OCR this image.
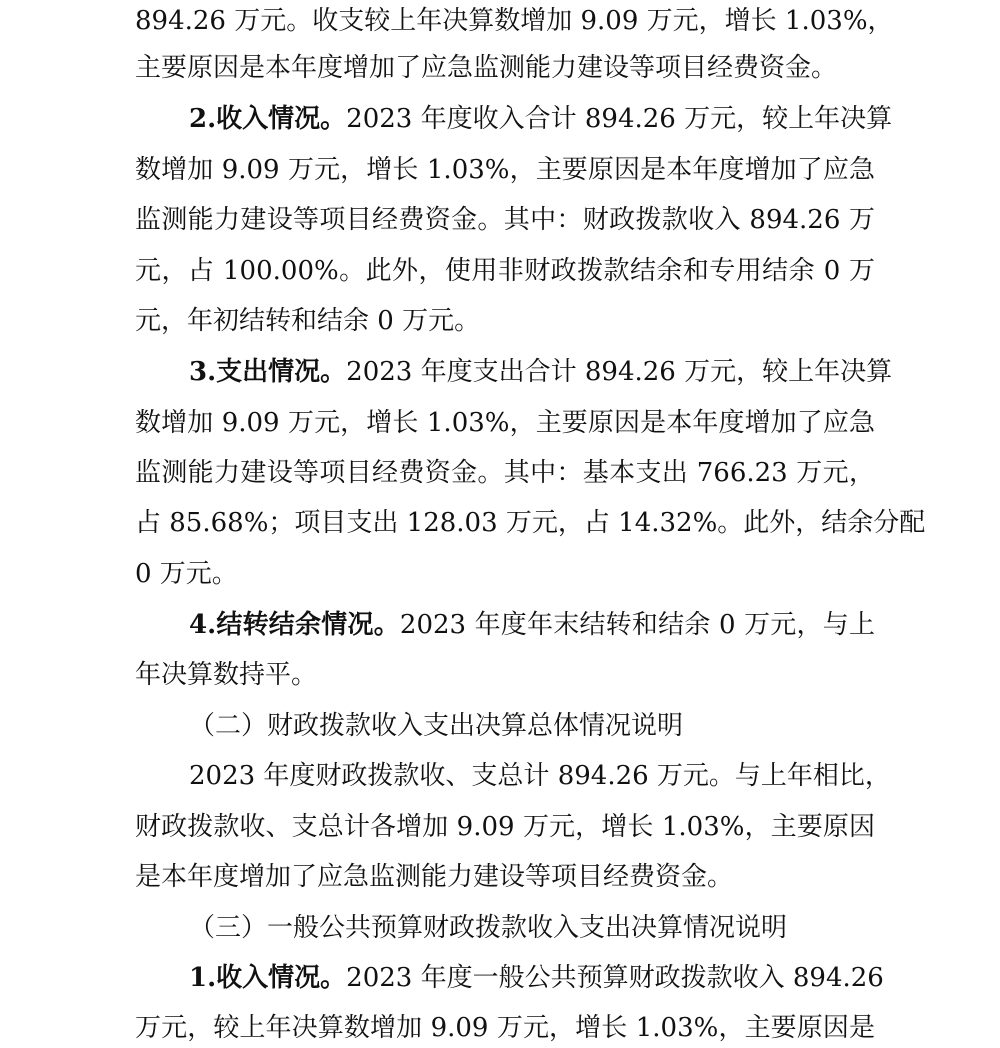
894.26 万元。收支较上年决算数增加 9.09 万元，增长 1.03%，
主要原因是本年度增加了应急监测能力建设等项目经费资金。
2.收入情况。2023 年度收入合计 894.26 万元，较上年决算
数增加 9.09 万元，增长 1.03%，主要原因是本年度增加了应急
监测能力建设等项目经费资金。其中：财政拨款收入 894.26 万
元，占 100.00%。此外，使用非财政拨款结余和专用结余 0 万
元，年初结转和结余 0 万元。
3.支出情况。2023 年度支出合计 894.26 万元，较上年决算
数增加 9.09 万元，增长 1.03%，主要原因是本年度增加了应急
监测能力建设等项目经费资金。其中：基本支出 766.23 万元，
占 85.68%；项目支出 128.03 万元，占 14.32%。此外，结余分配
0 万元。
4.结转结余情况。2023 年度年末结转和结余 0 万元，与上
年决算数持平。
（二）财政拨款收入支出决算总体情况说明
2023 年度财政拨款收、支总计 894.26 万元。与上年相比，
财政拨款收、支总计各增加 9.09 万元，增长 1.03%，主要原因
是本年度增加了应急监测能力建设等项目经费资金。
（三）一般公共预算财政拨款收入支出决算情况说明
1.收入情况。2023 年度一般公共预算财政拨款收入 894.26
万元，较上年决算数增加 9.09 万元，增长 1.03%，主要原因是
